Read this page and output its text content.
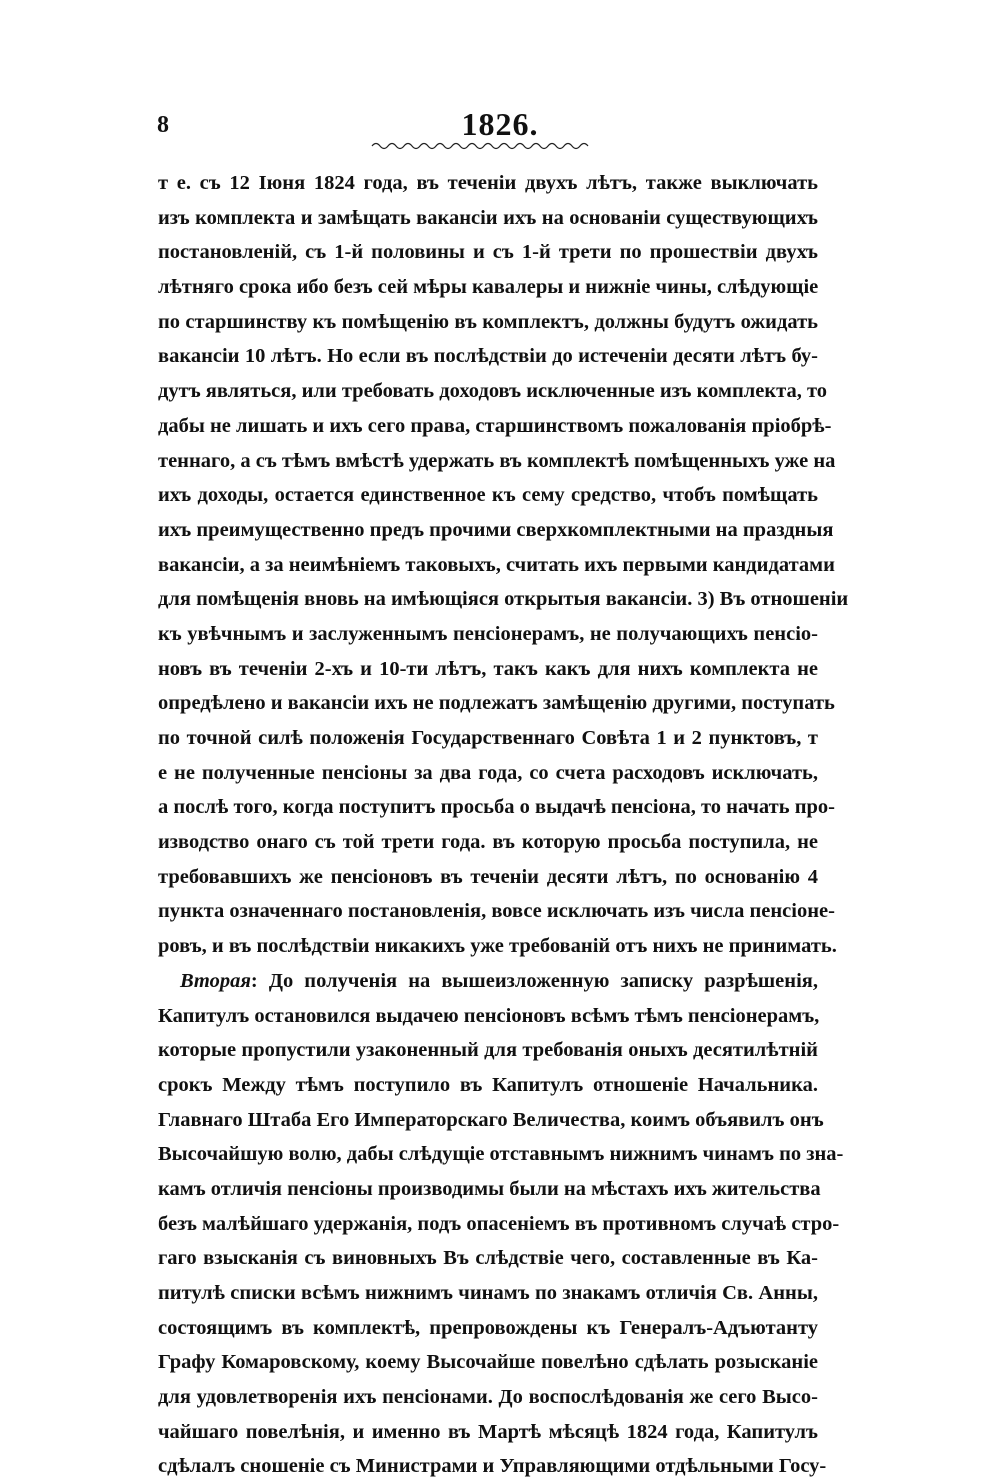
8	1826.
т е. съ 12 Іюня 1824 года, въ теченіи двухъ лѣтъ, также выключать
изъ комплекта и замѣщать вакансіи ихъ на основаніи существующихъ
постановленій, съ 1-й половины и съ 1-й трети по прошествіи двухъ
лѣтняго срока ибо безъ сей мѣры кавалеры и нижніе чины, слѣдующіе
по старшинству къ помѣщенію въ комплектъ, должны будутъ ожидать
вакансіи 10 лѣтъ. Но если въ послѣдствіи до истеченіи десяти лѣтъ бу-
дутъ являться, или требовать доходовъ исключенные изъ комплекта, то
дабы не лишать и ихъ сего права, старшинствомъ пожалованія пріобрѣ-
теннаго, а съ тѣмъ вмѣстѣ удержать въ комплектѣ помѣщенныхъ уже на
ихъ доходы, остается единственное къ сему средство, чтобъ помѣщать
ихъ преимущественно предъ прочими сверхкомплектными на праздныя
вакансіи, а за неимѣніемъ таковыхъ, считать ихъ первыми кандидатами
для помѣщенія вновь на имѣющіяся открытыя вакансіи. 3) Въ отношеніи
къ увѣчнымъ и заслуженнымъ пенсіонерамъ, не получающихъ пенсіо-
новъ въ теченіи 2-хъ и 10-ти лѣтъ, такъ какъ для нихъ комплекта не
опредѣлено и вакансіи ихъ не подлежатъ замѣщенію другими, поступать
по точной силѣ положенія Государственнаго Совѣта 1 и 2 пунктовъ, т
е не полученные пенсіоны за два года, со счета расходовъ исключать,
а послѣ того, когда поступитъ просьба о выдачѣ пенсіона, то начать про-
изводство онаго съ той трети года. въ которую просьба поступила, не
требовавшихъ же пенсіоновъ въ теченіи десяти лѣтъ, по основанію 4
пункта означеннаго постановленія, вовсе исключать изъ числа пенсіоне-
ровъ, и въ послѣдствіи никакихъ уже требованій отъ нихъ не принимать.
Вторая: До полученія на вышеизложенную записку разрѣшенія,
Капитулъ остановился выдачею пенсіоновъ всѣмъ тѣмъ пенсіонерамъ,
которые пропустили узаконенный для требованія оныхъ десятилѣтній
срокъ Между тѣмъ поступило въ Капитулъ отношеніе Начальника.
Главнаго Штаба Его Императорскаго Величества, коимъ объявилъ онъ
Высочайшую волю, дабы слѣдущіе отставнымъ нижнимъ чинамъ по зна-
камъ отличія пенсіоны производимы были на мѣстахъ ихъ жительства
безъ малѣйшаго удержанія, подъ опасеніемъ въ противномъ случаѣ стро-
гаго взысканія съ виновныхъ Въ слѣдствіе чего, составленные въ Ка-
питулѣ списки всѣмъ нижнимъ чинамъ по знакамъ отличія Св. Анны,
состоящимъ въ комплектѣ, препровождены къ Генералъ-Адъютанту
Графу Комаровскому, коему Высочайше повелѣно сдѣлать розысканіе
для удовлетворенія ихъ пенсіонами. До воспослѣдованія же сего Высо-
чайшаго повелѣнія, и именно въ Мартѣ мѣсяцѣ 1824 года, Капитулъ
сдѣлалъ сношеніе съ Министрами и Управляющими отдѣльными Госу-
